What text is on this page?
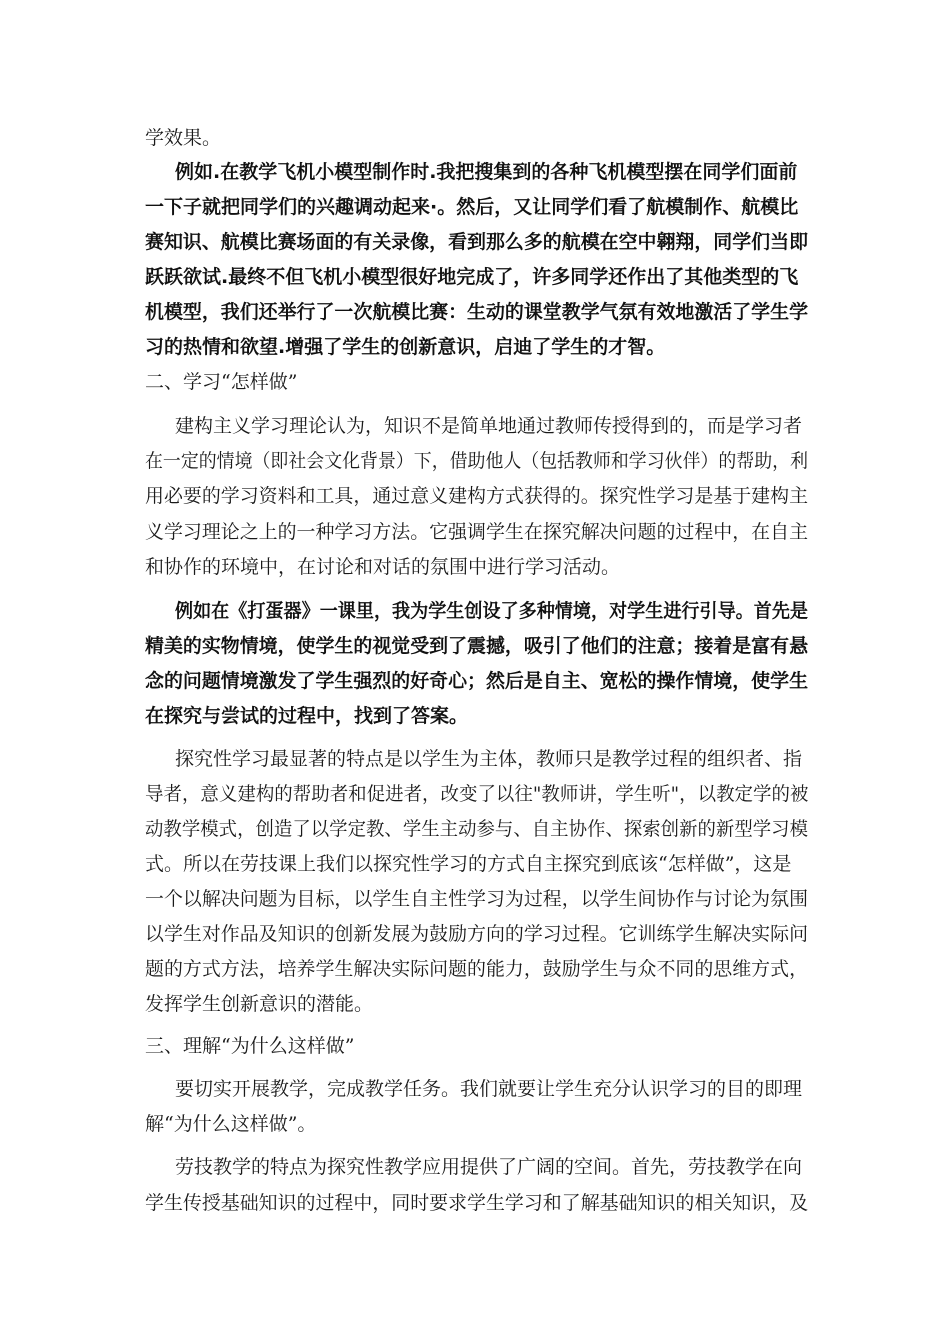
学效果。

例如.在教学飞机小模型制作时.我把搜集到的各种飞机模型摆在同学们面前

一下子就把同学们的兴趣调动起来·。然后，又让同学们看了航模制作、航模比

赛知识、航模比赛场面的有关录像，看到那么多的航模在空中翱翔，同学们当即

跃跃欲试.最终不但飞机小模型很好地完成了，许多同学还作出了其他类型的飞

机模型，我们还举行了一次航模比赛：生动的课堂教学气氛有效地激活了学生学

习的热情和欲望.增强了学生的创新意识，启迪了学生的才智。

二、学习“怎样做”

建构主义学习理论认为，知识不是简单地通过教师传授得到的，而是学习者

在一定的情境（即社会文化背景）下，借助他人（包括教师和学习伙伴）的帮助，利

用必要的学习资料和工具，通过意义建构方式获得的。探究性学习是基于建构主

义学习理论之上的一种学习方法。它强调学生在探究解决问题的过程中，在自主

和协作的环境中，在讨论和对话的氛围中进行学习活动。

例如在《打蛋器》一课里，我为学生创设了多种情境，对学生进行引导。首先是

精美的实物情境，使学生的视觉受到了震撼，吸引了他们的注意；接着是富有悬

念的问题情境激发了学生强烈的好奇心；然后是自主、宽松的操作情境，使学生

在探究与尝试的过程中，找到了答案。

探究性学习最显著的特点是以学生为主体，教师只是教学过程的组织者、指

导者，意义建构的帮助者和促进者，改变了以往"教师讲，学生听"，以教定学的被

动教学模式，创造了以学定教、学生主动参与、自主协作、探索创新的新型学习模

式。所以在劳技课上我们以探究性学习的方式自主探究到底该“怎样做”，这是

一个以解决问题为目标，以学生自主性学习为过程，以学生间协作与讨论为氛围

以学生对作品及知识的创新发展为鼓励方向的学习过程。它训练学生解决实际问

题的方式方法，培养学生解决实际问题的能力，鼓励学生与众不同的思维方式，

发挥学生创新意识的潜能。

三、理解“为什么这样做”

要切实开展教学，完成教学任务。我们就要让学生充分认识学习的目的即理

解“为什么这样做”。

劳技教学的特点为探究性教学应用提供了广阔的空间。首先，劳技教学在向

学生传授基础知识的过程中，同时要求学生学习和了解基础知识的相关知识，及
